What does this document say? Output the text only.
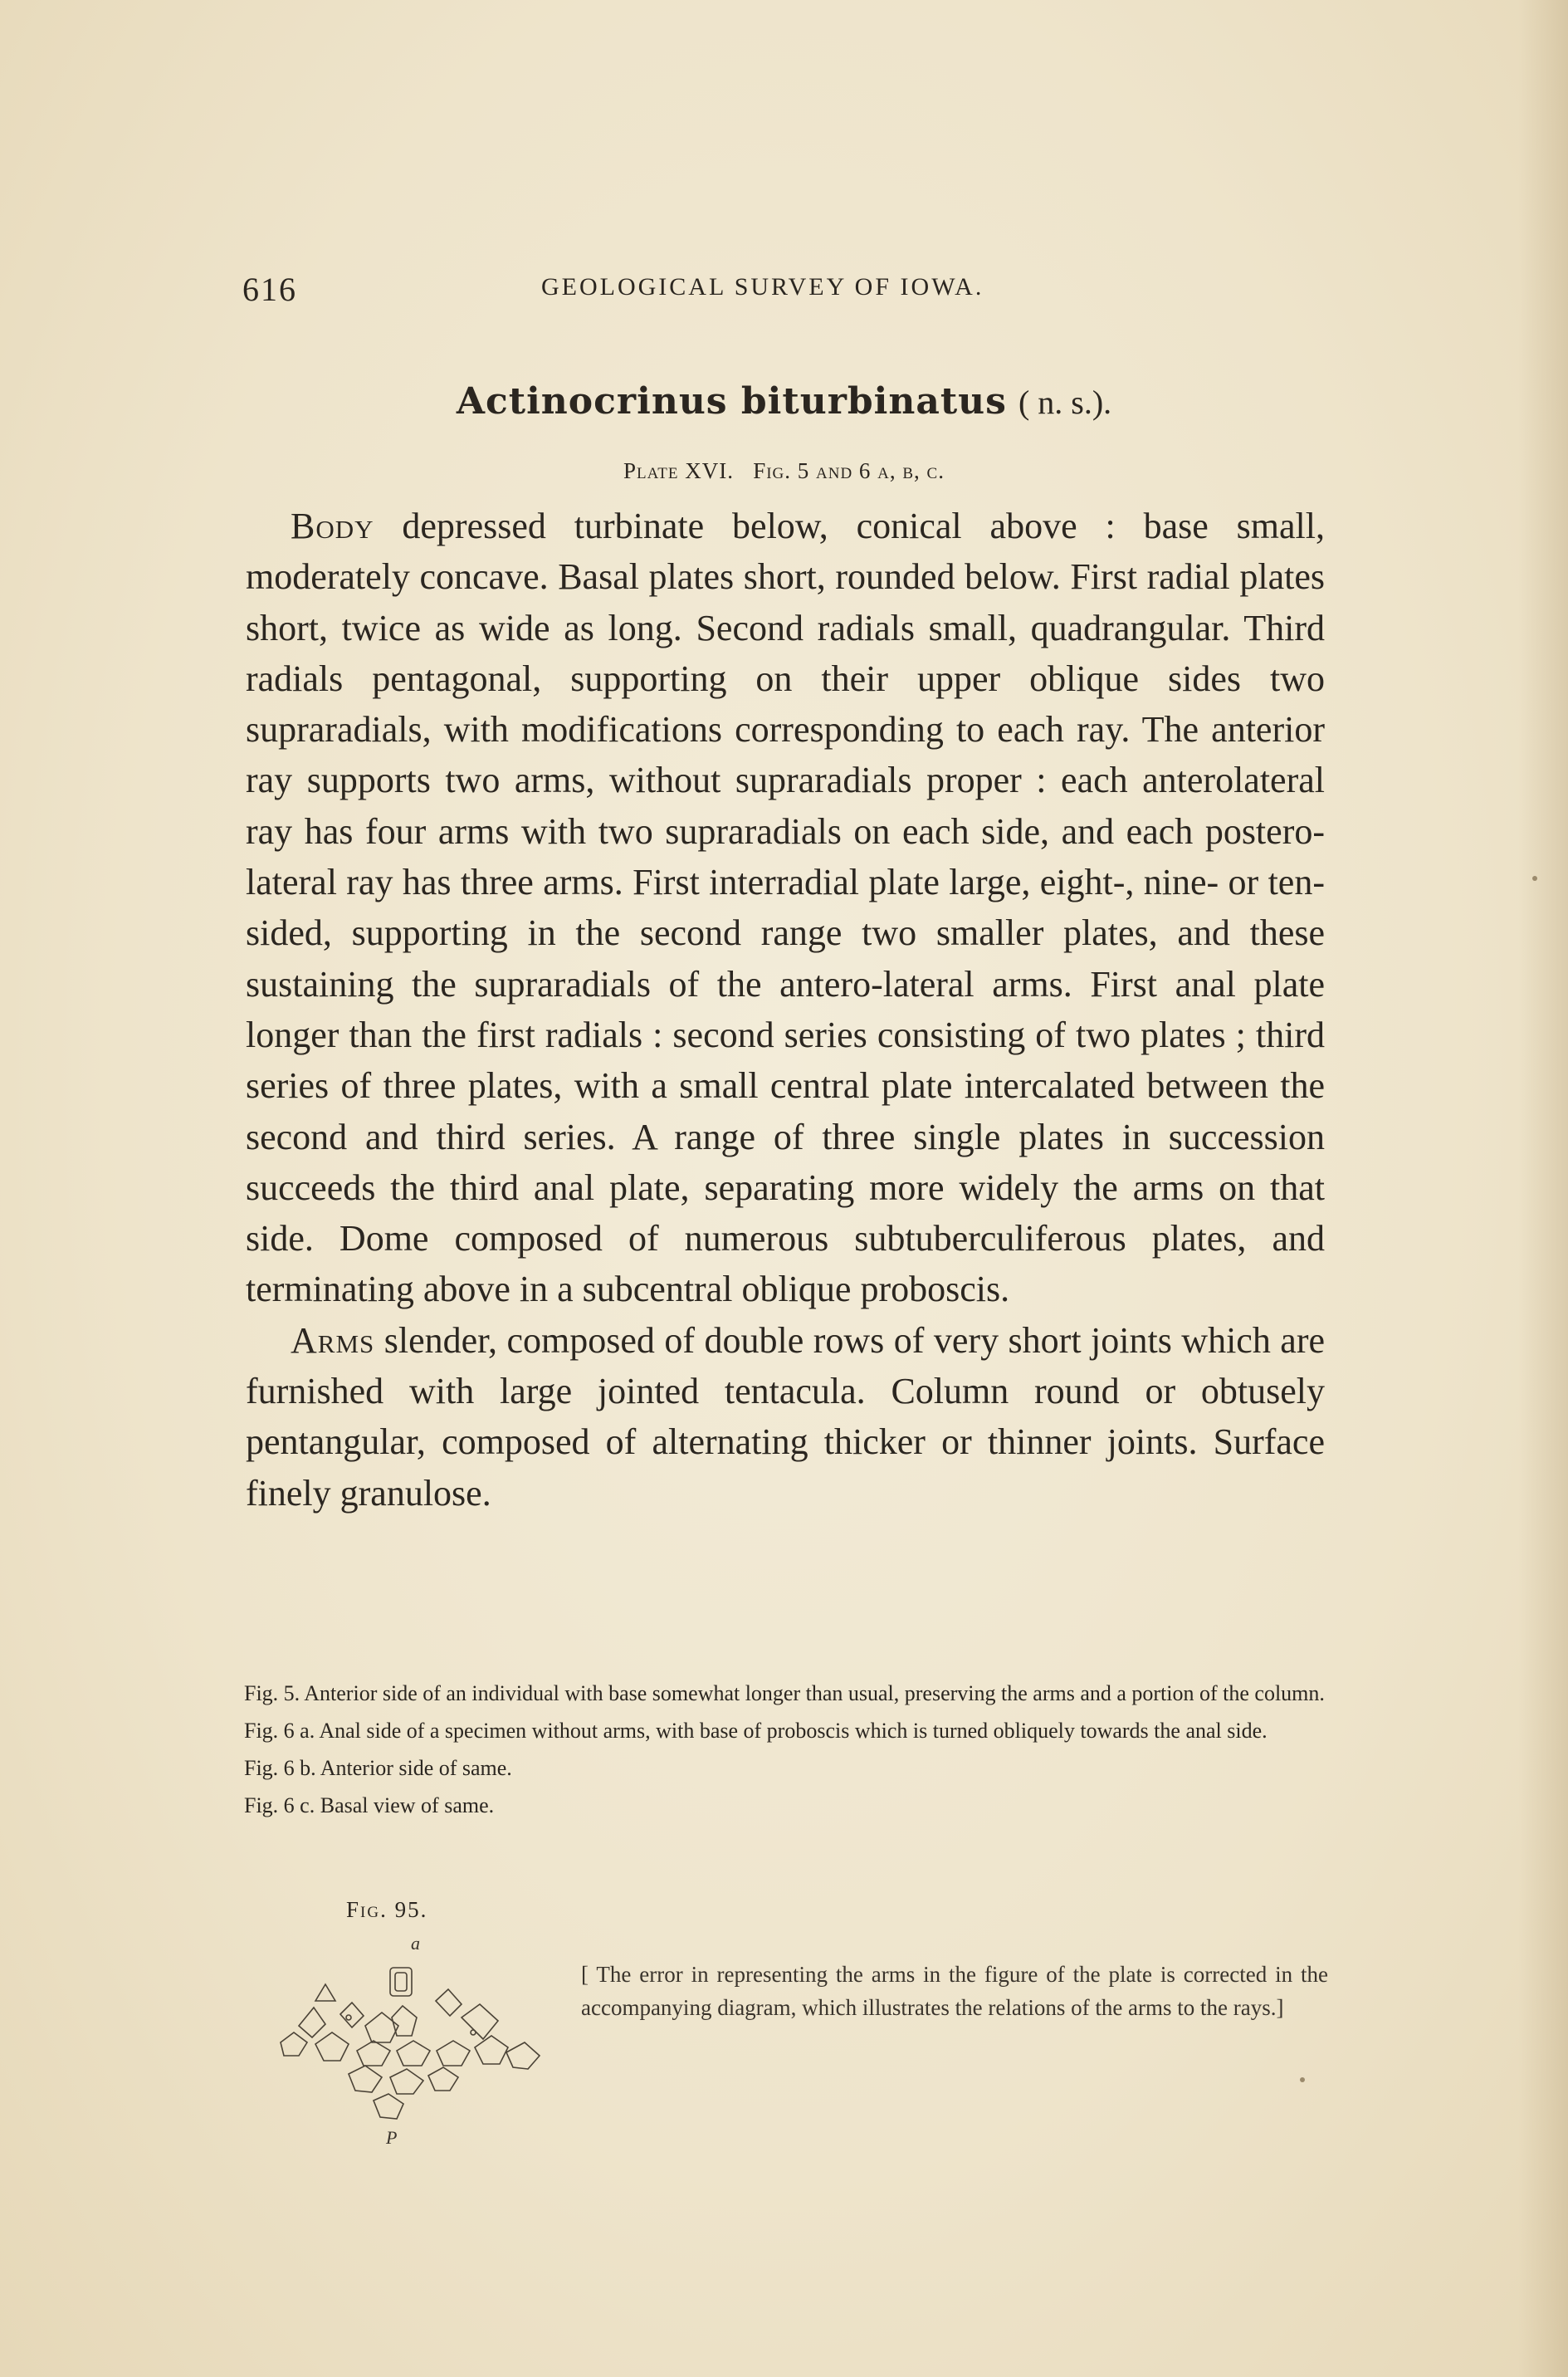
616	GEOLOGICAL SURVEY OF IOWA.
Actinocrinus biturbinatus ( n. s.).
Plate XVI. Fig. 5 and 6 a, b, c.

Body depressed turbinate below, conical above : base small, moderately concave. Basal plates short, rounded below. First radial plates short, twice as wide as long. Second radials small, quadrangular. Third radials pentagonal, supporting on their upper oblique sides two supraradials, with modifications corresponding to each ray. The anterior ray supports two arms, without supraradials proper : each anterolateral ray has four arms with two supraradials on each side, and each postero-lateral ray has three arms. First interradial plate large, eight-, nine- or ten-sided, supporting in the second range two smaller plates, and these sustaining the supraradials of the antero-lateral arms. First anal plate longer than the first radials : second series consisting of two plates ; third series of three plates, with a small central plate intercalated between the second and third series. A range of three single plates in succession succeeds the third anal plate, separating more widely the arms on that side. Dome composed of numerous subtuberculiferous plates, and terminating above in a subcentral oblique proboscis.

Arms slender, composed of double rows of very short joints which are furnished with large jointed tentacula. Column round or obtusely pentangular, composed of alternating thicker or thinner joints. Surface finely granulose.

Fig. 5. Anterior side of an individual with base somewhat longer than usual, preserving the arms and a portion of the column.

Fig. 6 a. Anal side of a specimen without arms, with base of proboscis which is turned obliquely towards the anal side.

Fig. 6 b. Anterior side of same.

Fig. 6 c. Basal view of same.

Fig. 95.
a
P
[ The error in representing the arms in the figure of the plate is corrected in the accompanying diagram, which illustrates the relations of the arms to the rays.]
